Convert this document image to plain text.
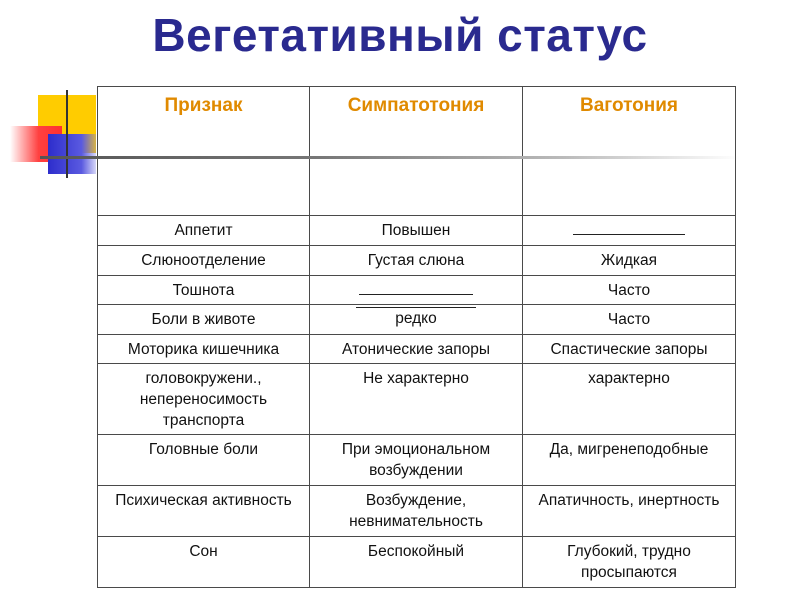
Вегетативный статус
Признак	Симпатотония	Ваготония
Аппетит	Повышен	
Слюноотделение	Густая слюна	Жидкая
Тошнота		Часто
Боли в животе	редко	Часто
Моторика кишечника	Атонические запоры	Спастические запоры
головокружени., непереносимость транспорта	Не характерно	характерно
Головные боли	При эмоциональном возбуждении	Да, мигренеподобные
Психическая активность	Возбуждение, невнимательность	Апатичность, инертность
Сон	Беспокойный	Глубокий, трудно просыпаются
